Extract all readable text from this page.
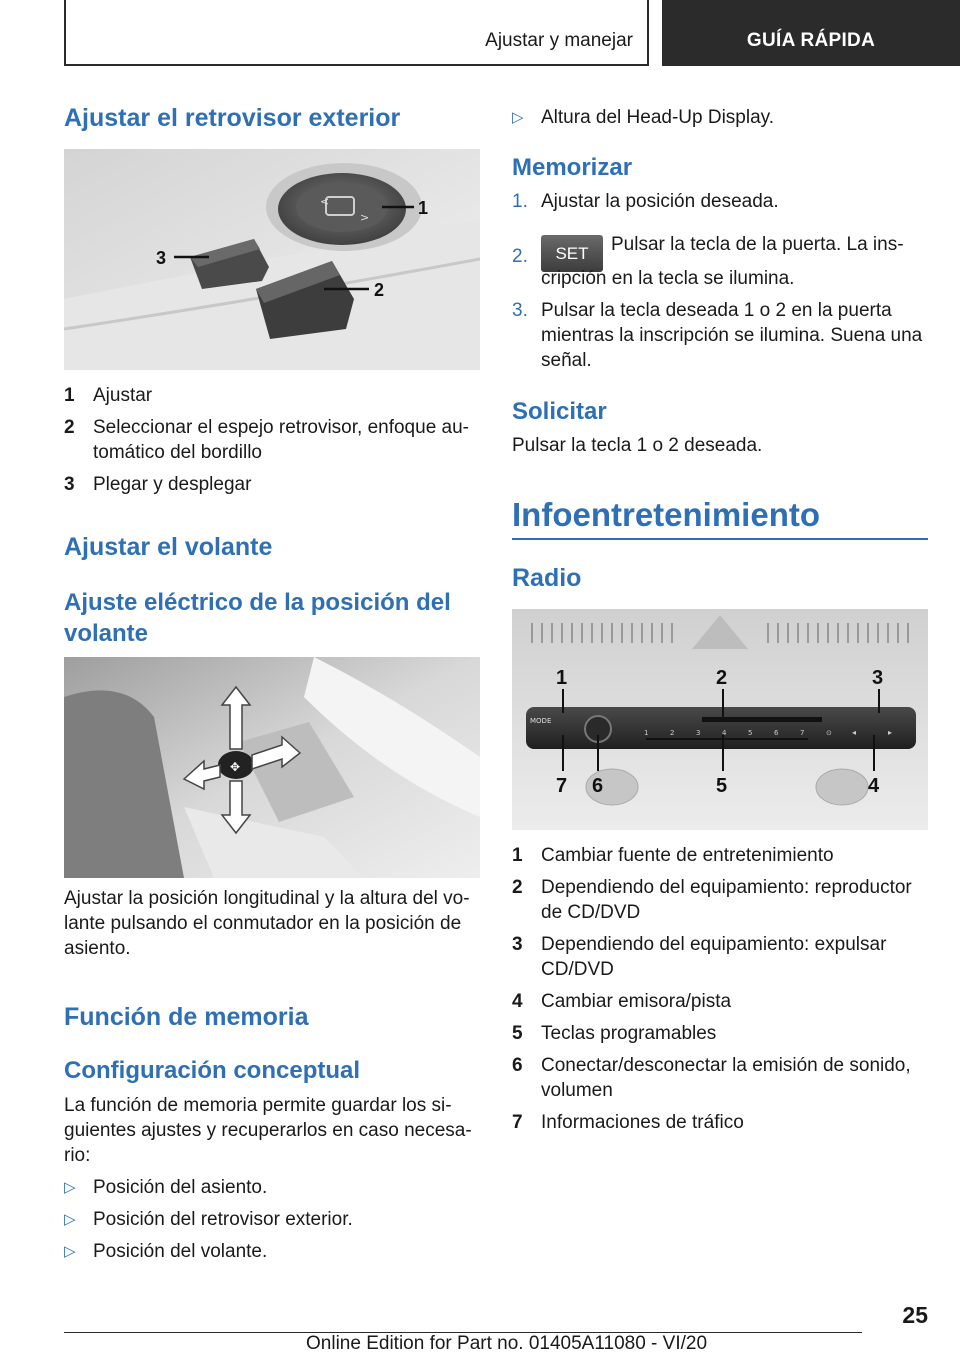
Ajustar y manejar	GUÍA RÁPIDA
Ajustar el retrovisor exterior
<
>	1
2
3
1 Ajustar
2 Seleccionar el espejo retrovisor, enfoque au-
tomático del bordillo
3 Plegar y desplegar
Ajustar el volante
Ajuste eléctrico de la posición del
volante
✥
Ajustar la posición longitudinal y la altura del vo-
lante pulsando el conmutador en la posición de
asiento.
Función de memoria
Configuración conceptual
La función de memoria permite guardar los si-
guientes ajustes y recuperarlos en caso necesa-
rio:
▷ Posición del asiento.
▷ Posición del retrovisor exterior.
▷ Posición del volante.
▷ Altura del Head-Up Display.
Memorizar
1. Ajustar la posición deseada.
2.	SET Pulsar la tecla de la puerta. La ins-
cripción en la tecla se ilumina.
3. Pulsar la tecla deseada 1 o 2 en la puerta
mientras la inscripción se ilumina. Suena una
señal.
Solicitar
Pulsar la tecla 1 o 2 deseada.
Infoentretenimiento
Radio
MODE
1	2	3	4	5	6	7	⊙	◂	▸
1	2	3
7 6	5	4
1 Cambiar fuente de entretenimiento
2 Dependiendo del equipamiento: reproductor
de CD/DVD
3 Dependiendo del equipamiento: expulsar
CD/DVD
4 Cambiar emisora/pista
5 Teclas programables
6 Conectar/desconectar la emisión de sonido,
volumen
7 Informaciones de tráfico
25
Online Edition for Part no. 01405A11080 - VI/20
